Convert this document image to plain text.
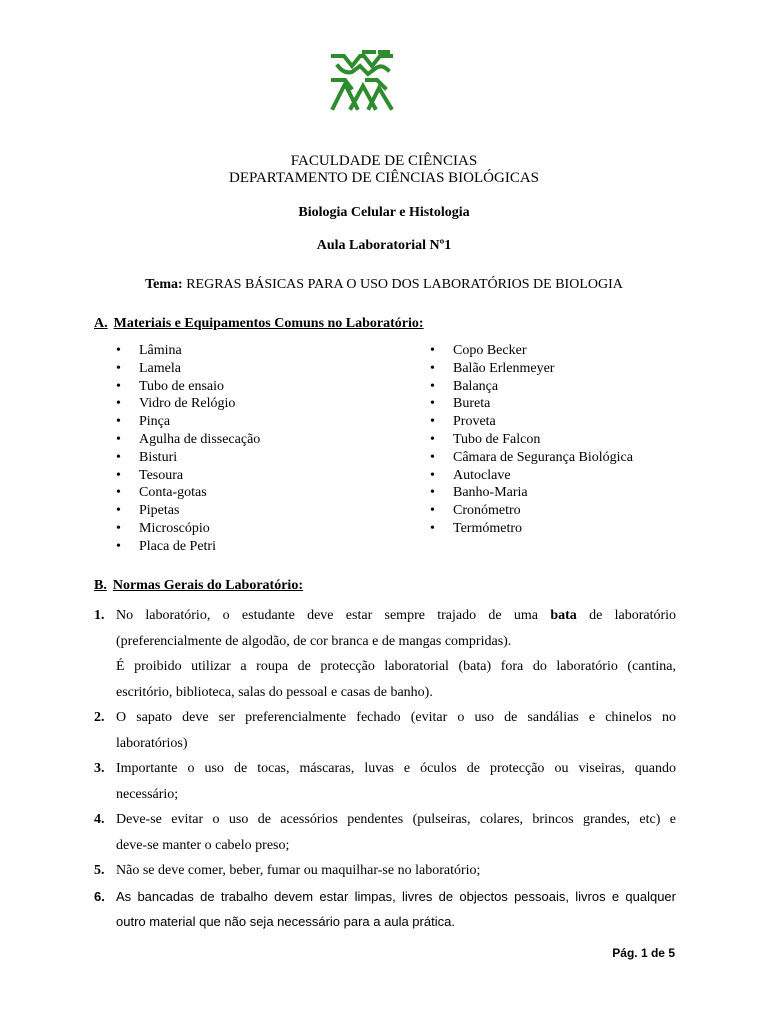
FACULDADE DE CIÊNCIAS
DEPARTAMENTO DE CIÊNCIAS BIOLÓGICAS
Biologia Celular e Histologia
Aula Laboratorial Nº1
Tema: REGRAS BÁSICAS PARA O USO DOS LABORATÓRIOS DE BIOLOGIA
A. Materiais e Equipamentos Comuns no Laboratório:
• Lâmina
• Lamela
• Tubo de ensaio
• Vidro de Relógio
• Pinça
• Agulha de dissecação
• Bisturi
• Tesoura
• Conta-gotas
• Pipetas
• Microscópio
• Placa de Petri
• Copo Becker
• Balão Erlenmeyer
• Balança
• Bureta
• Proveta
• Tubo de Falcon
• Câmara de Segurança Biológica
• Autoclave
• Banho-Maria
• Cronómetro
• Termómetro
B. Normas Gerais do Laboratório:
1. No laboratório, o estudante deve estar sempre trajado de uma bata de laboratório

(preferencialmente de algodão, de cor branca e de mangas compridas).

É proibido utilizar a roupa de protecção laboratorial (bata) fora do laboratório (cantina,

escritório, biblioteca, salas do pessoal e casas de banho).

2. O sapato deve ser preferencialmente fechado (evitar o uso de sandálias e chinelos no

laboratórios)

3. Importante o uso de tocas, máscaras, luvas e óculos de protecção ou viseiras, quando

necessário;

4. Deve-se evitar o uso de acessórios pendentes (pulseiras, colares, brincos grandes, etc) e

deve-se manter o cabelo preso;

5. Não se deve comer, beber, fumar ou maquilhar-se no laboratório;

6. As bancadas de trabalho devem estar limpas, livres de objectos pessoais, livros e qualquer

outro material que não seja necessário para a aula prática.

Pág. 1 de 5
